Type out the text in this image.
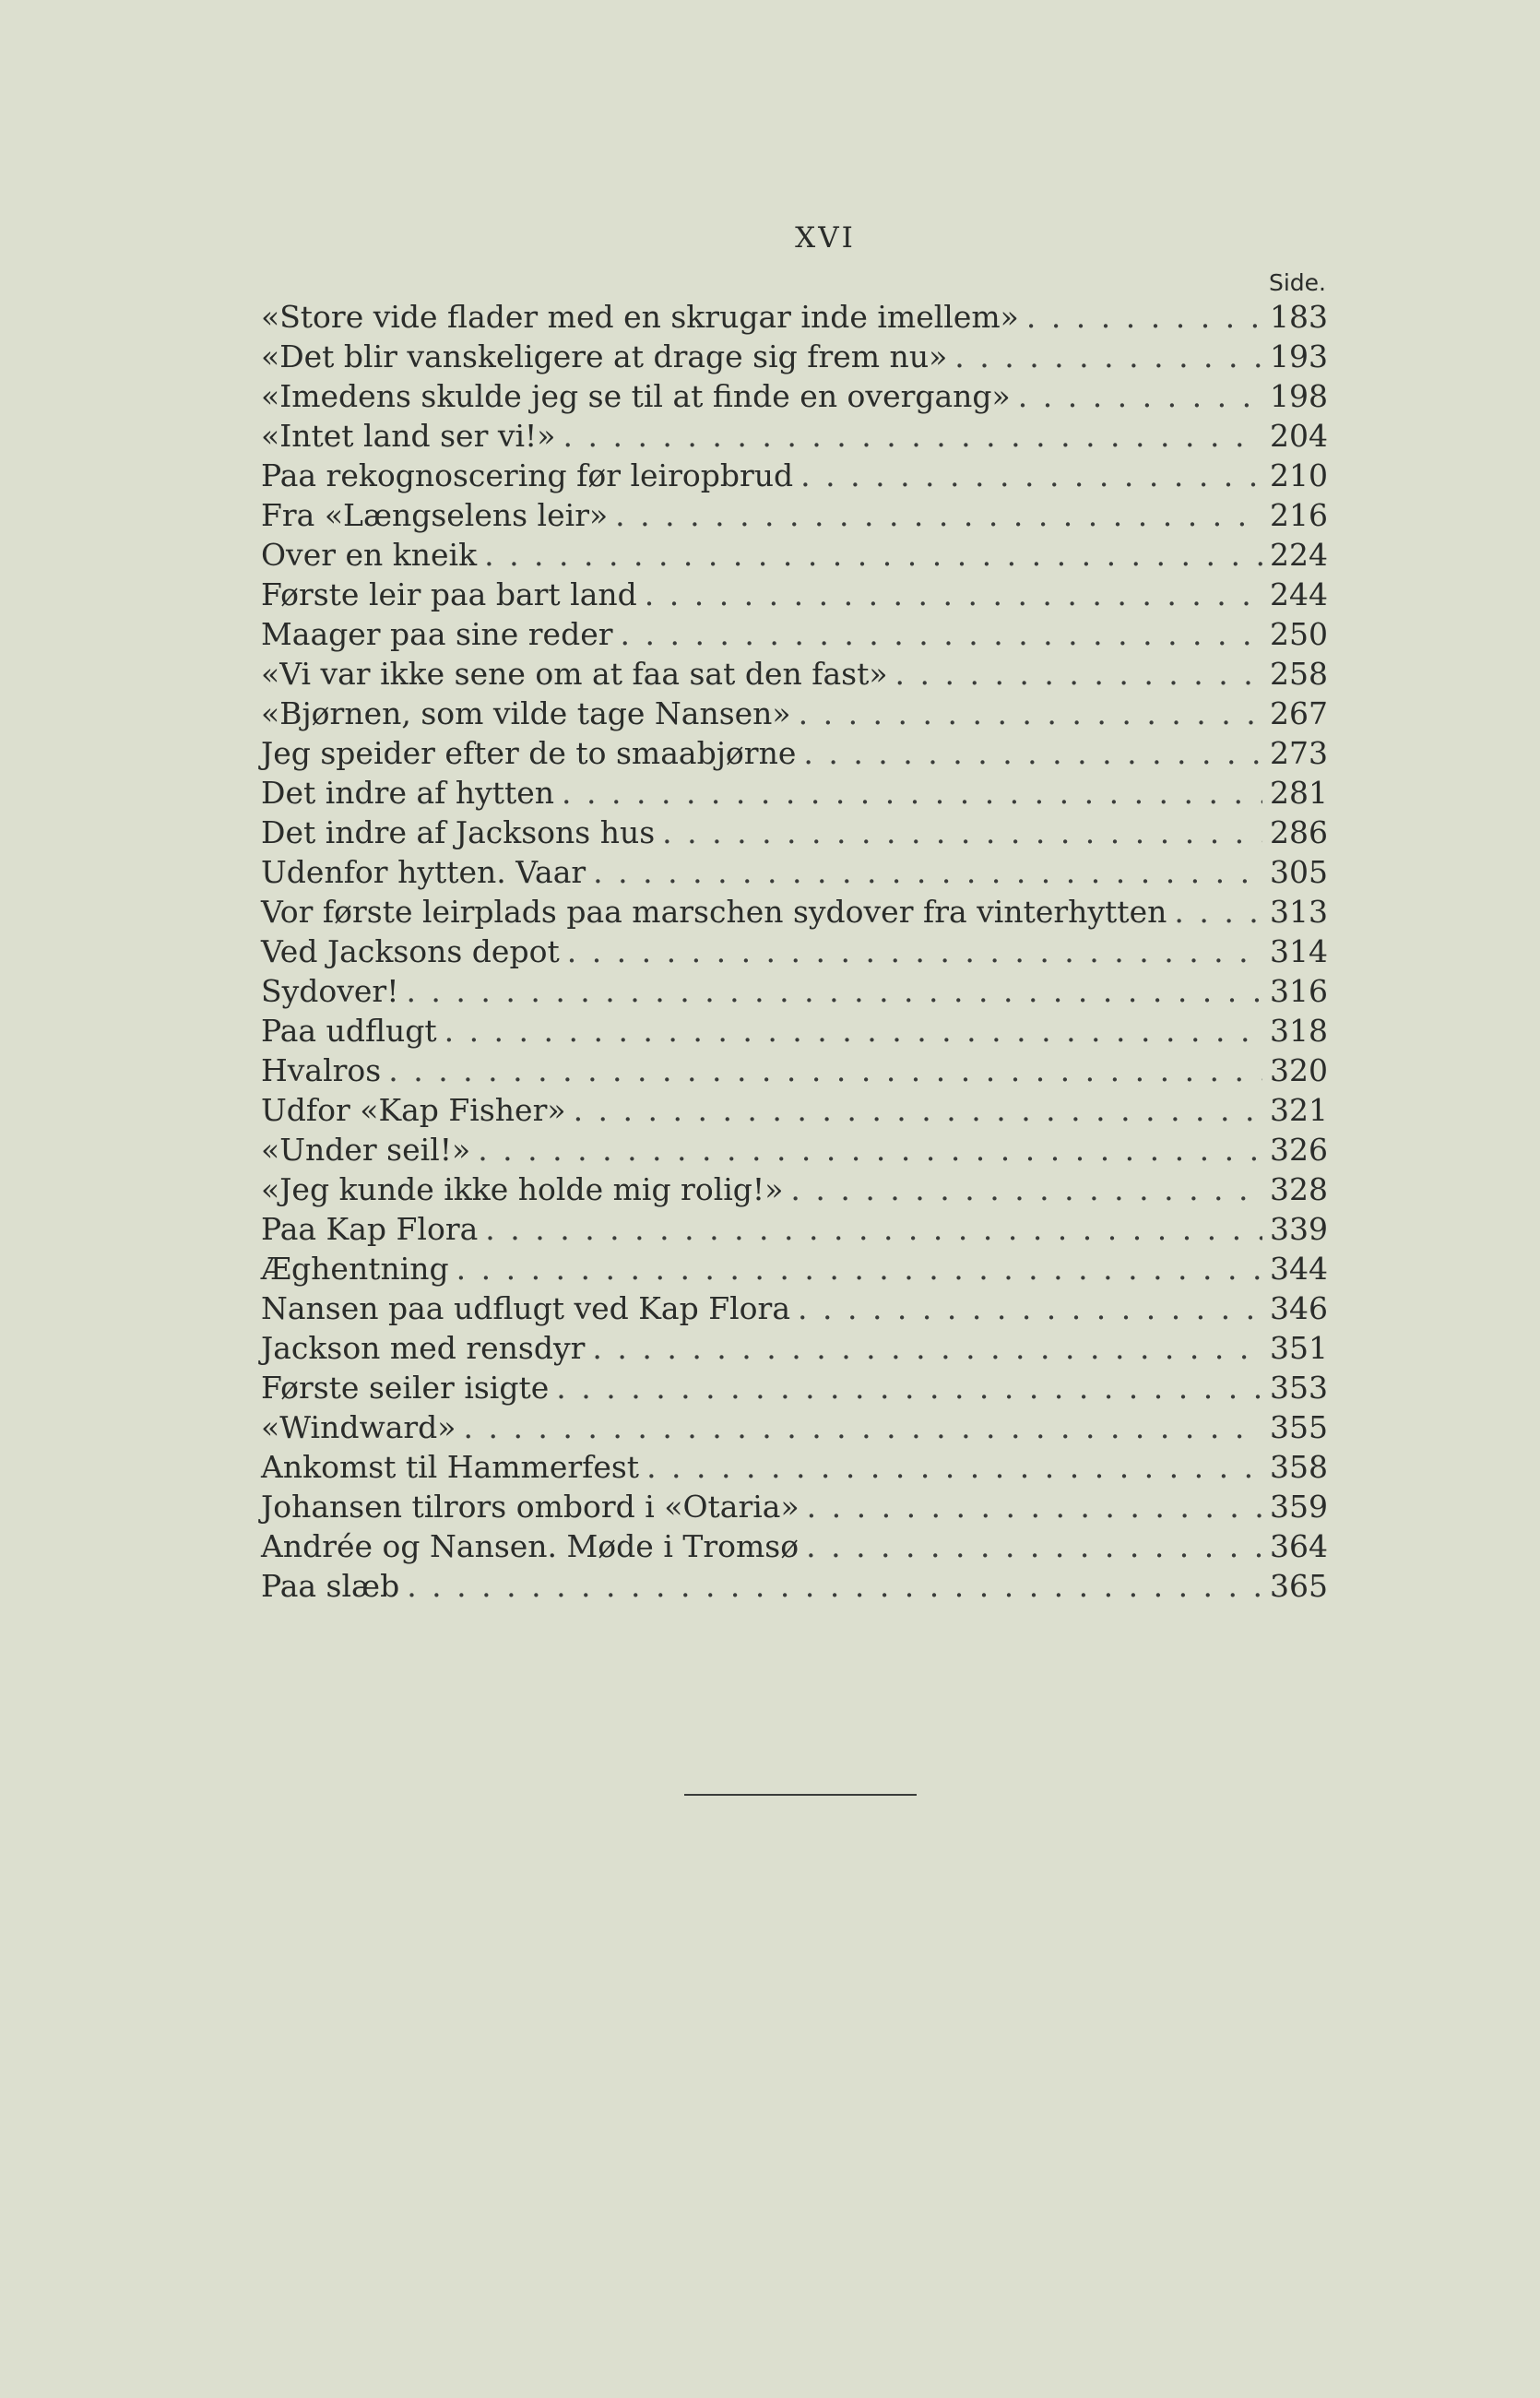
XVI
Side.
«Store vide flader med en skrugar inde imellem» . . .	183
«Det blir vanskeligere at drage sig frem nu» . . .	193
«Imedens skulde jeg se til at finde en overgang» . . .	198
«Intet land ser vi!» . . .	204
Paa rekognoscering før leiropbrud . . .	210
Fra «Længselens leir» . . .	216
Over en kneik . . .	224
Første leir paa bart land . . .	244
Maager paa sine reder . . .	250
«Vi var ikke sene om at faa sat den fast» . . .	258
«Bjørnen, som vilde tage Nansen» . . .	267
Jeg speider efter de to smaabjørne . . .	273
Det indre af hytten . . .	281
Det indre af Jacksons hus . . .	286
Udenfor hytten. Vaar . . .	305
Vor første leirplads paa marschen sydover fra vinterhytten . . .	313
Ved Jacksons depot . . .	314
Sydover! . . .	316
Paa udflugt . . .	318
Hvalros . . .	320
Udfor «Kap Fisher» . . .	321
«Under seil!» . . .	326
«Jeg kunde ikke holde mig rolig!» . . .	328
Paa Kap Flora . . .	339
Æghentning . . .	344
Nansen paa udflugt ved Kap Flora . . .	346
Jackson med rensdyr . . .	351
Første seiler isigte . . .	353
«Windward» . . .	355
Ankomst til Hammerfest . . .	358
Johansen tilrors ombord i «Otaria» . . .	359
Andrée og Nansen. Møde i Tromsø . . .	364
Paa slæb . . .	365
